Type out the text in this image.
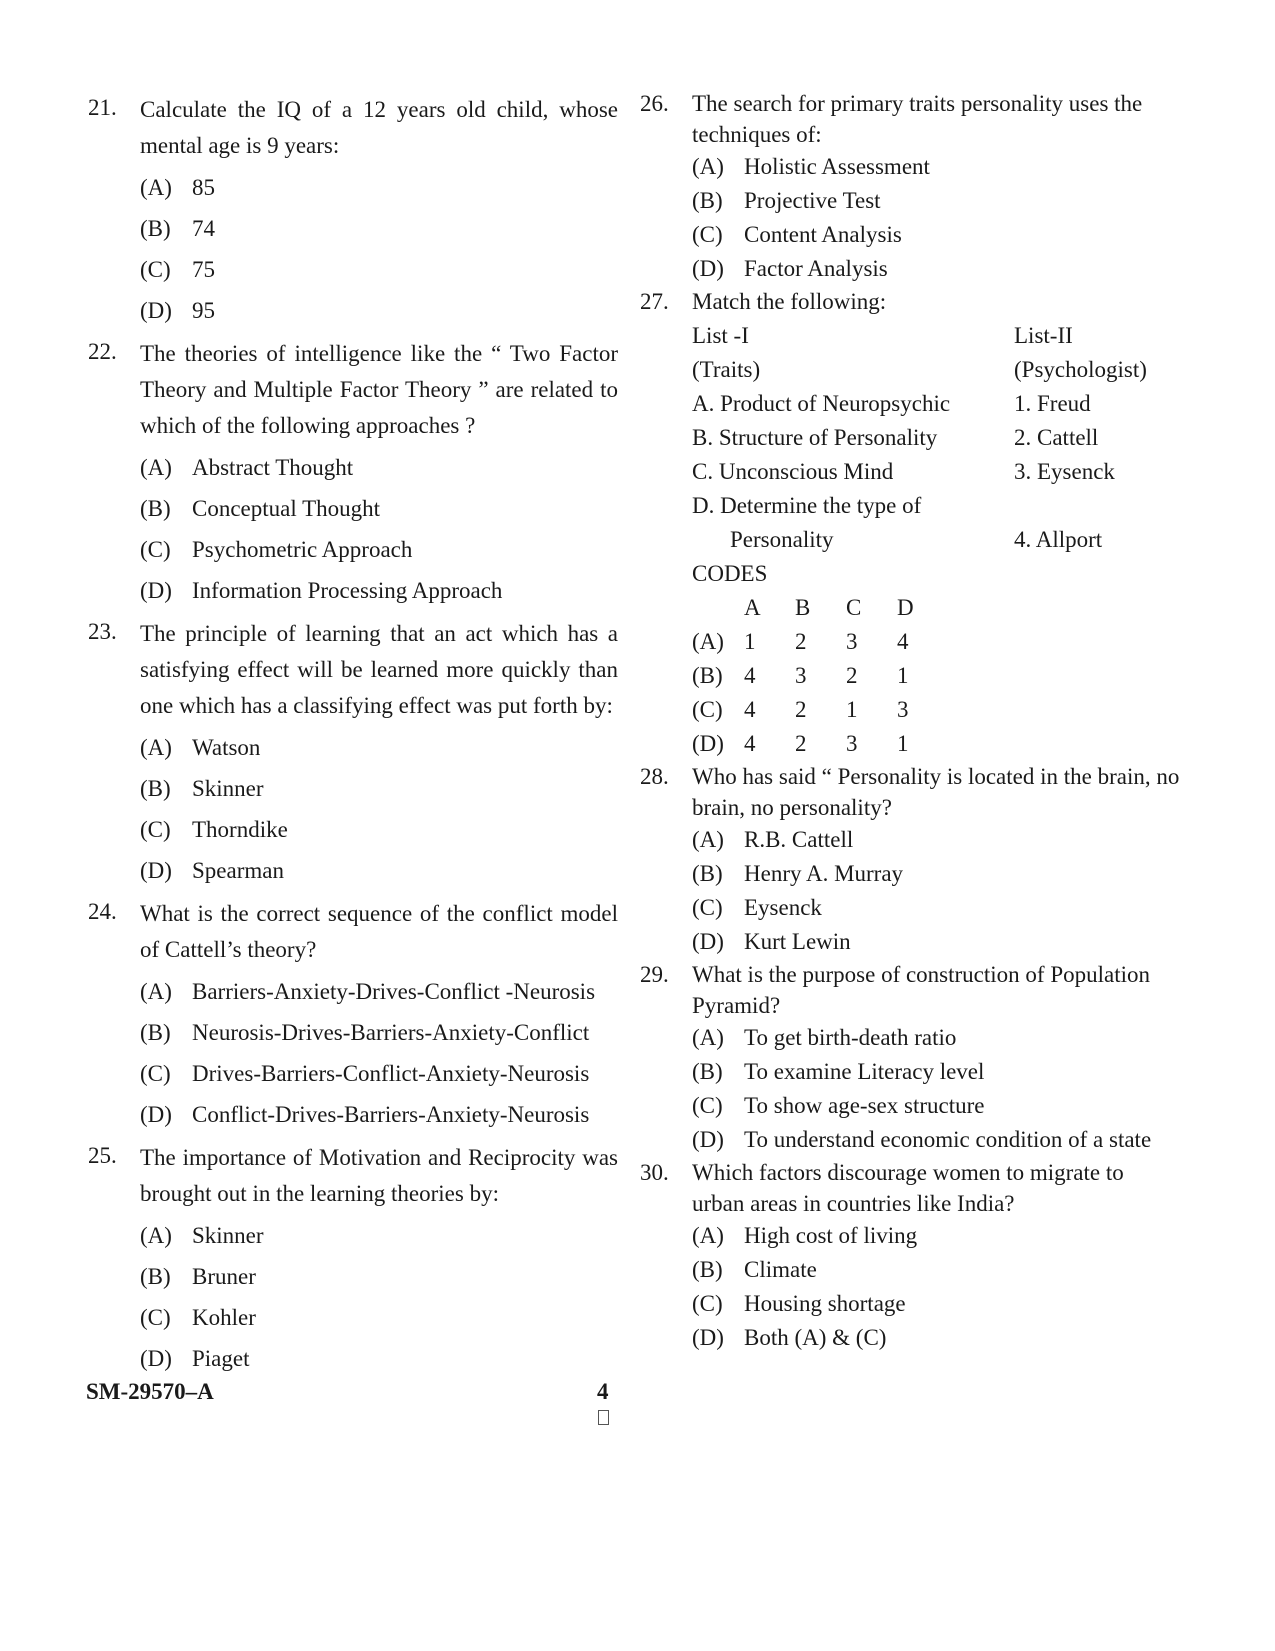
21.	Calculate the IQ of a 12 years old child, whose mental age is 9 years:
(A) 85
(B) 74
(C) 75
(D) 95
22.	The theories of intelligence like the “ Two Factor Theory and Multiple Factor Theory ” are related to which of the following approaches ?
(A) Abstract Thought
(B) Conceptual Thought
(C) Psychometric Approach
(D) Information Processing Approach
23.	The principle of learning that an act which has a satisfying effect will be learned more quickly than one which has a classifying effect was put forth by:
(A) Watson
(B) Skinner
(C) Thorndike
(D) Spearman
24.	What is the correct sequence of the conflict model of Cattell’s theory?
(A) Barriers-Anxiety-Drives-Conflict -Neurosis
(B) Neurosis-Drives-Barriers-Anxiety-Conflict
(C) Drives-Barriers-Conflict-Anxiety-Neurosis
(D) Conflict-Drives-Barriers-Anxiety-Neurosis
25.	The importance of Motivation and Reciprocity was brought out in the learning theories by:
(A) Skinner
(B) Bruner
(C) Kohler
(D) Piaget
26.	The search for primary traits personality uses the techniques of:
(A) Holistic Assessment
(B) Projective Test
(C) Content Analysis
(D) Factor Analysis
27.	Match the following:
List -I	List-II
(Traits)	(Psychologist)
A. Product of Neuropsychic	1. Freud
B. Structure of Personality	2. Cattell
C. Unconscious Mind	3. Eysenck
D. Determine the type of
Personality	4. Allport
CODES
A	B	C	D
(A) 1	2	3	4
(B) 4	3	2	1
(C) 4	2	1	3
(D) 4	2	3	1
28.	Who has said “ Personality is located in the brain, no brain, no personality?
(A) R.B. Cattell
(B) Henry A. Murray
(C) Eysenck
(D) Kurt Lewin
29.	What is the purpose of construction of Population Pyramid?
(A) To get birth-death ratio
(B) To examine Literacy level
(C) To show age-sex structure
(D) To understand economic condition of a state
30.	Which factors discourage women to migrate to urban areas in countries like India?
(A) High cost of living
(B) Climate
(C) Housing shortage
(D) Both (A) & (C)
SM-29570–A	4
